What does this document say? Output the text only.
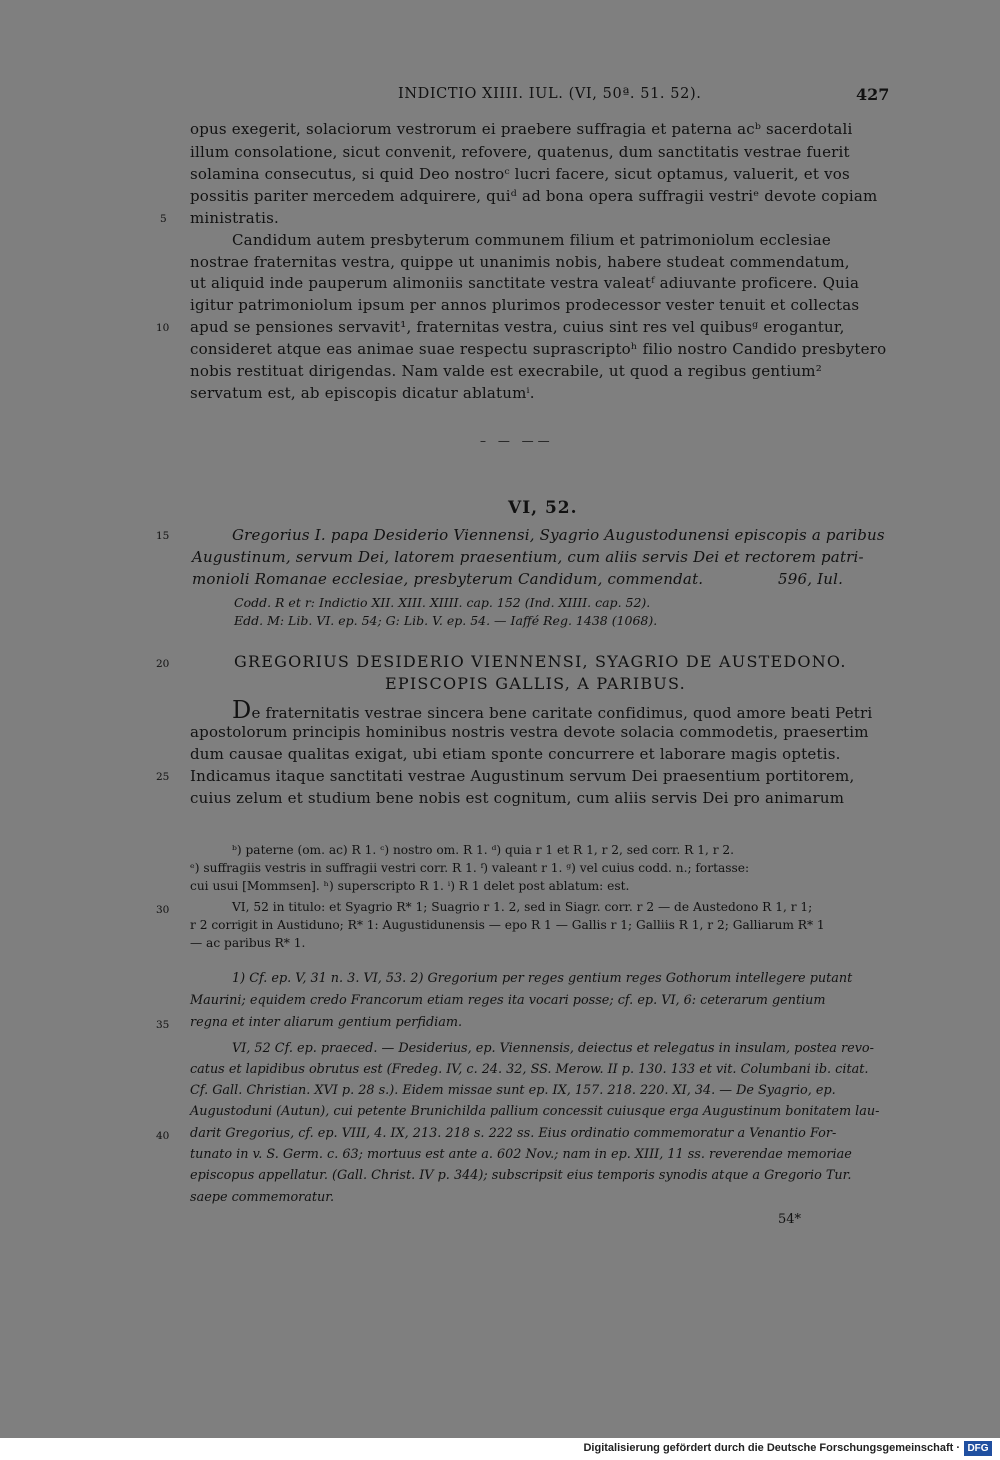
INDICTIO XIIII. IUL. (VI, 50ª. 51. 52).	427
opus exegerit, solaciorum vestrorum ei praebere suffragia et paterna acᵇ sacerdotali
illum consolatione, sicut convenit, refovere, quatenus, dum sanctitatis vestrae fuerit
solamina consecutus, si quid Deo nostroᶜ lucri facere, sicut optamus, valuerit, et vos
possitis pariter mercedem adquirere, quiᵈ ad bona opera suffragii vestriᵉ devote copiam
ministratis.
Candidum autem presbyterum communem filium et patrimoniolum ecclesiae
nostrae fraternitas vestra, quippe ut unanimis nobis, habere studeat commendatum,
ut aliquid inde pauperum alimoniis sanctitate vestra valeatᶠ adiuvante proficere. Quia
igitur patrimoniolum ipsum per annos plurimos prodecessor vester tenuit et collectas
apud se pensiones servavit¹, fraternitas vestra, cuius sint res vel quibusᵍ erogantur,
consideret atque eas animae suae respectu suprascriptoʰ filio nostro Candido presbytero
nobis restituat dirigendas. Nam valde est execrabile, ut quod a regibus gentium²
servatum est, ab episcopis dicatur ablatumⁱ.
– — ——
VI, 52.
Gregorius I. papa Desiderio Viennensi, Syagrio Augustodunensi episcopis a paribus
Augustinum, servum Dei, latorem praesentium, cum aliis servis Dei et rectorem patri-
monioli Romanae ecclesiae, presbyterum Candidum, commendat.	596, Iul.
Codd. R et r: Indictio XII. XIII. XIIII. cap. 152 (Ind. XIIII. cap. 52).
Edd. M: Lib. VI. ep. 54; G: Lib. V. ep. 54. — Iaffé Reg. 1438 (1068).
GREGORIUS DESIDERIO VIENNENSI, SYAGRIO DE AUSTEDONO.
EPISCOPIS GALLIS, A PARIBUS.
De fraternitatis vestrae sincera bene caritate confidimus, quod amore beati Petri
apostolorum principis hominibus nostris vestra devote solacia commodetis, praesertim
dum causae qualitas exigat, ubi etiam sponte concurrere et laborare magis optetis.
Indicamus itaque sanctitati vestrae Augustinum servum Dei praesentium portitorem,
cuius zelum et studium bene nobis est cognitum, cum aliis servis Dei pro animarum
ᵇ) paterne (om. ac) R 1. ᶜ) nostro om. R 1. ᵈ) quia r 1 et R 1, r 2, sed corr. R 1, r 2.
ᵉ) suffragiis vestris in suffragii vestri corr. R 1. ᶠ) valeant r 1. ᵍ) vel cuius codd. n.; fortasse:
cui usui [Mommsen]. ʰ) superscripto R 1. ⁱ) R 1 delet post ablatum: est.
VI, 52 in titulo: et Syagrio R* 1; Suagrio r 1. 2, sed in Siagr. corr. r 2 — de Austedono R 1, r 1;
r 2 corrigit in Austiduno; R* 1: Augustidunensis — epo R 1 — Gallis r 1; Galliis R 1, r 2; Galliarum R* 1
— ac paribus R* 1.
1) Cf. ep. V, 31 n. 3. VI, 53. 2) Gregorium per reges gentium reges Gothorum intellegere putant
Maurini; equidem credo Francorum etiam reges ita vocari posse; cf. ep. VI, 6: ceterarum gentium
regna et inter aliarum gentium perfidiam.
VI, 52 Cf. ep. praeced. — Desiderius, ep. Viennensis, deiectus et relegatus in insulam, postea revo-
catus et lapidibus obrutus est (Fredeg. IV, c. 24. 32, SS. Merow. II p. 130. 133 et vit. Columbani ib. citat.
Cf. Gall. Christian. XVI p. 28 s.). Eidem missae sunt ep. IX, 157. 218. 220. XI, 34. — De Syagrio, ep.
Augustoduni (Autun), cui petente Brunichilda pallium concessit cuiusque erga Augustinum bonitatem lau-
darit Gregorius, cf. ep. VIII, 4. IX, 213. 218 s. 222 ss. Eius ordinatio commemoratur a Venantio For-
tunato in v. S. Germ. c. 63; mortuus est ante a. 602 Nov.; nam in ep. XIII, 11 ss. reverendae memoriae
episcopus appellatur. (Gall. Christ. IV p. 344); subscripsit eius temporis synodis atque a Gregorio Tur.
saepe commemoratur.
54*
5
10
15
20
25
30
35
40
Digitalisierung gefördert durch die Deutsche Forschungsgemeinschaft · DFG
